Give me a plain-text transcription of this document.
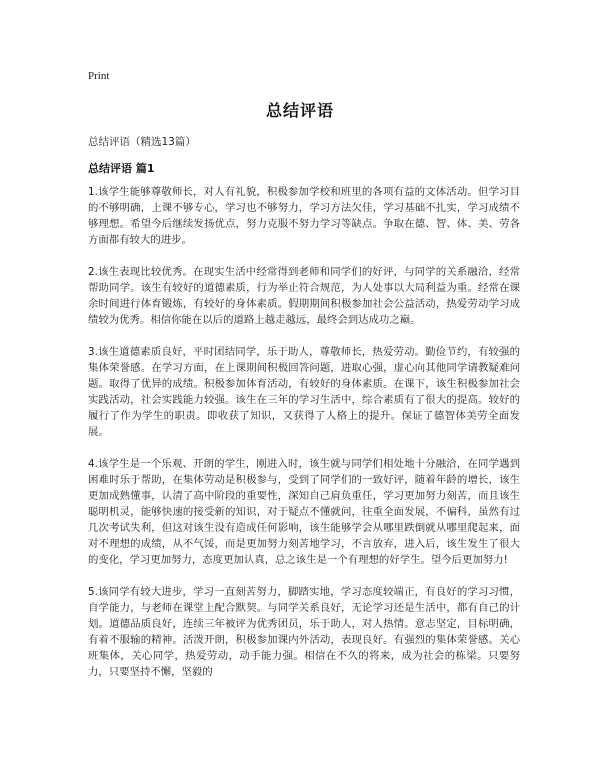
Print
总结评语
总结评语（精选13篇）
总结评语 篇1

1.该学生能够尊敬师长，对人有礼貌，积极参加学校和班里的各项有益的文体活动。但学习目的不够明确，上课不够专心，学习也不够努力，学习方法欠佳，学习基础不扎实，学习成绩不够理想。希望今后继续发扬优点，努力克服不努力学习等缺点。争取在德、智、体、美、劳各方面都有较大的进步。

2.该生表现比较优秀。在现实生活中经常得到老师和同学们的好评，与同学的关系融洽，经常帮助同学。该生有较好的道德素质，行为举止符合规范，为人处事以大局利益为重。经常在课余时间进行体育锻炼，有较好的身体素质。假期期间积极参加社会公益活动，热爱劳动学习成绩较为优秀。相信你能在以后的道路上越走越远，最终会到达成功之巅。

3.该生道德素质良好，平时团结同学，乐于助人，尊敬师长，热爱劳动。勤俭节约，有较强的集体荣誉感。在学习方面，在上课期间积极回答问题，进取心强，虚心向其他同学请教疑难问题。取得了优异的成绩。积极参加体育活动，有较好的身体素质。在课下，该生积极参加社会实践活动，社会实践能力较强。该生在三年的学习生活中，综合素质有了很大的提高。较好的履行了作为学生的职责。即收获了知识，又获得了人格上的提升。保证了德智体美劳全面发展。

4.该学生是一个乐观、开朗的学生，刚进入时，该生就与同学们相处地十分融洽，在同学遇到困难时乐于帮助，在集体劳动是积极参与，受到了同学们的一致好评，随着年龄的增长，该生更加成熟懂事，认清了高中阶段的重要性，深知自己肩负重任，学习更加努力刻苦，而且该生聪明机灵，能够快速的接受新的知识，对于疑点不懂就问，往重全面发展，不偏科，虽然有过几次考试失利，但这对该生没有造成任何影响，该生能够学会从哪里跌倒就从哪里爬起来，面对不理想的成绩，从不气馁，而是更加努力刻苦地学习，不言放弃，进入后，该生发生了很大的变化，学习更加努力，态度更加认真，总之该生是一个有理想的好学生。望今后更加努力!

5.该同学有较大进步，学习一直刻苦努力，脚踏实地，学习态度较端正，有良好的学习习惯，自学能力，与老师在课堂上配合默契。与同学关系良好，无论学习还是生活中，都有自己的计划。道德品质良好，连续三年被评为优秀团员，乐于助人，对人热情。意志坚定，目标明确，有着不服输的精神。活泼开朗，积极参加课内外活动，表现良好。有强烈的集体荣誉感。关心班集体，关心同学，热爱劳动，动手能力强。相信在不久的将来，成为社会的栋梁。只要努力，只要坚持不懈，坚毅的
